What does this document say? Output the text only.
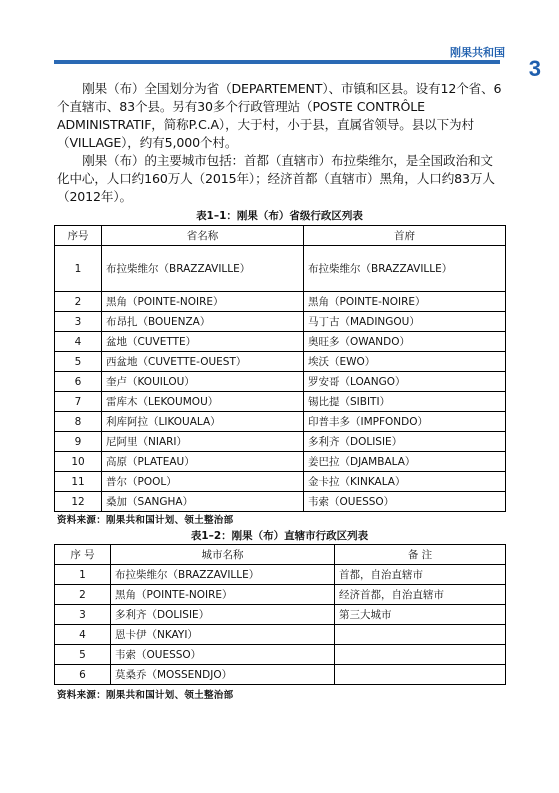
刚果共和国
3

刚果（布）全国划分为省（DEPARTEMENT）、市镇和区县。设有12个省、6个直辖市、83个县。另有30多个行政管理站（POSTE CONTRÔLE ADMINISTRATIF，简称P.C.A），大于村，小于县，直属省领导。县以下为村（VILLAGE），约有5,000个村。

刚果（布）的主要城市包括：首都（直辖市）布拉柴维尔，是全国政治和文化中心，人口约160万人（2015年）；经济首都（直辖市）黑角，人口约83万人（2012年）。

表1–1：刚果（布）省级行政区列表
序号	省名称	首府
1	布拉柴维尔（BRAZZAVILLE）	布拉柴维尔（BRAZZAVILLE）
2	黑角（POINTE-NOIRE）	黑角（POINTE-NOIRE）
3	布昂扎（BOUENZA）	马丁古（MADINGOU）
4	盆地（CUVETTE）	奥旺多（OWANDO）
5	西盆地（CUVETTE-OUEST）	埃沃（EWO）
6	奎卢（KOUILOU）	罗安哥（LOANGO）
7	雷库木（LEKOUMOU）	锡比提（SIBITI）
8	利库阿拉（LIKOUALA）	印普丰多（IMPFONDO）
9	尼阿里（NIARI）	多利齐（DOLISIE）
10	高原（PLATEAU）	姜巴拉（DJAMBALA）
11	普尔（POOL）	金卡拉（KINKALA）
12	桑加（SANGHA）	韦索（OUESSO）
资料来源：刚果共和国计划、领土整治部
表1–2：刚果（布）直辖市行政区列表
序 号	城市名称	备 注
1	布拉柴维尔（BRAZZAVILLE）	首都，自治直辖市
2	黑角（POINTE-NOIRE）	经济首都，自治直辖市
3	多利齐（DOLISIE）	第三大城市
4	恩卡伊（NKAYI）	
5	韦索（OUESSO）	
6	莫桑乔（MOSSENDJO）	
资料来源：刚果共和国计划、领土整治部
